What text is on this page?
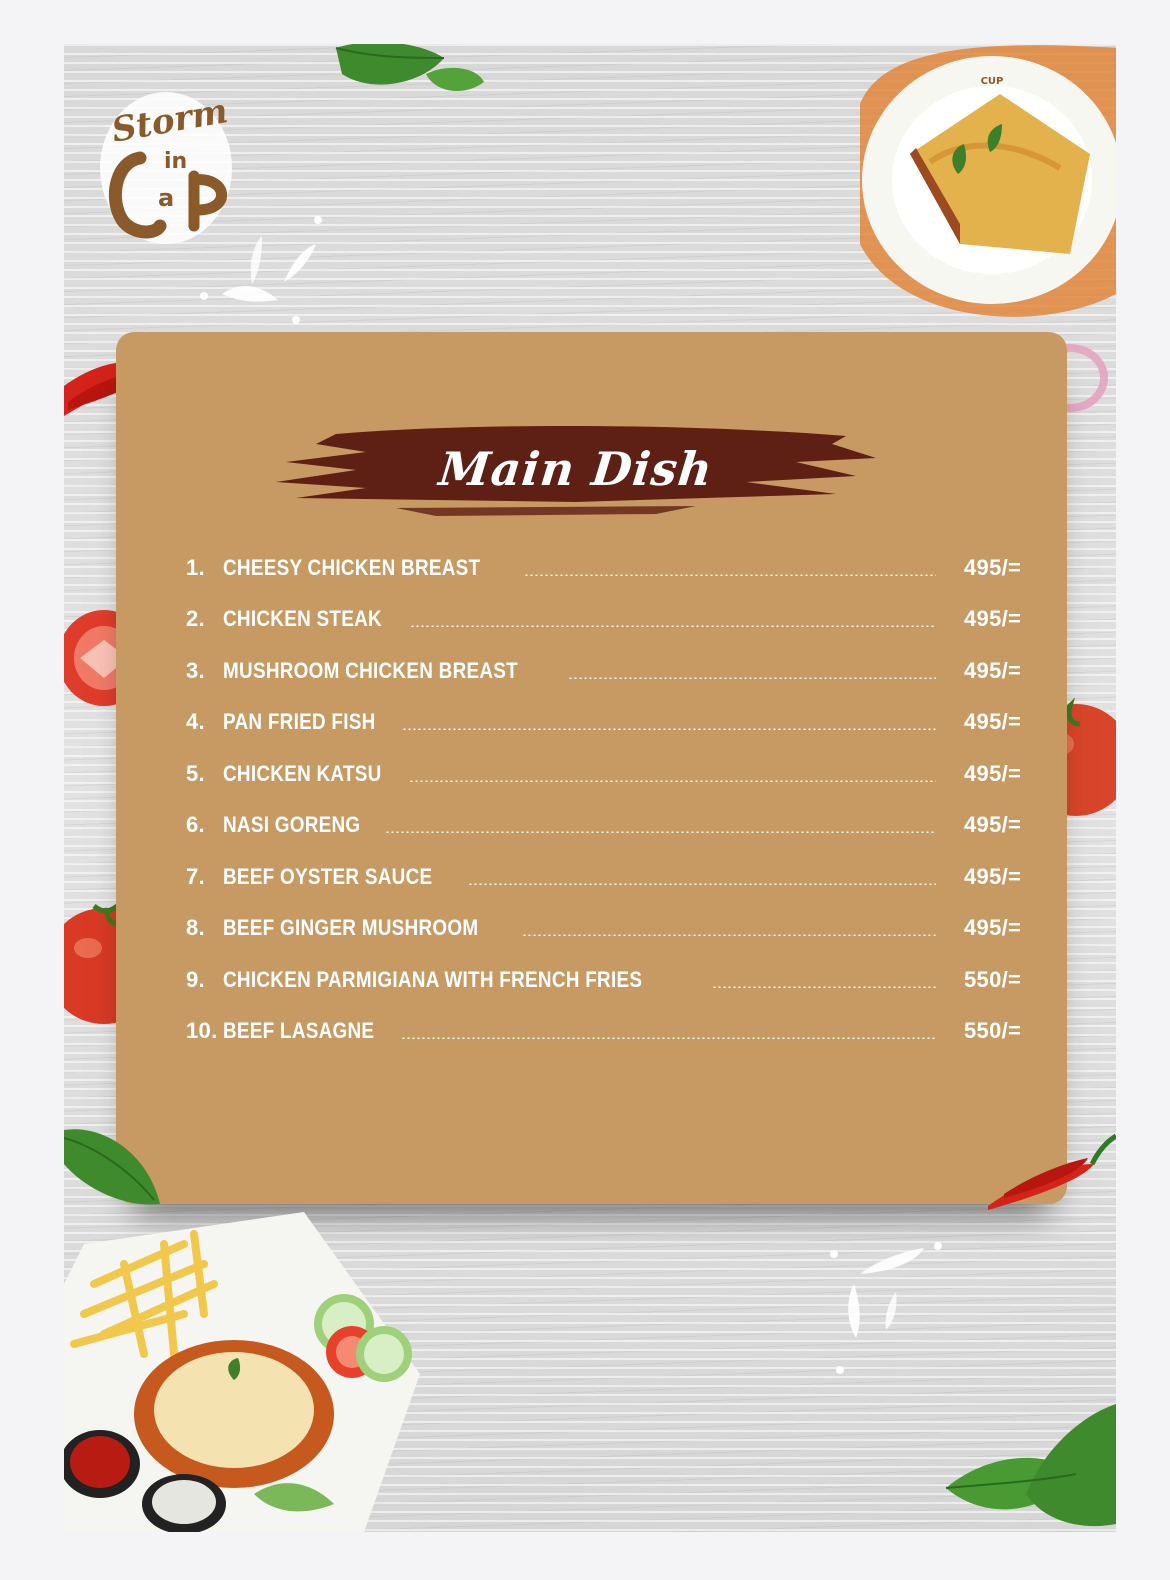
Storm
in
a
CUP
Main Dish
1. CHEESY CHICKEN BREAST	495/=
2. CHICKEN STEAK	495/=
3. MUSHROOM CHICKEN BREAST	495/=
4. PAN FRIED FISH	495/=
5. CHICKEN KATSU	495/=
6. NASI GORENG	495/=
7. BEEF OYSTER SAUCE	495/=
8. BEEF GINGER MUSHROOM	495/=
9. CHICKEN PARMIGIANA WITH FRENCH FRIES	550/=
10. BEEF LASAGNE	550/=
